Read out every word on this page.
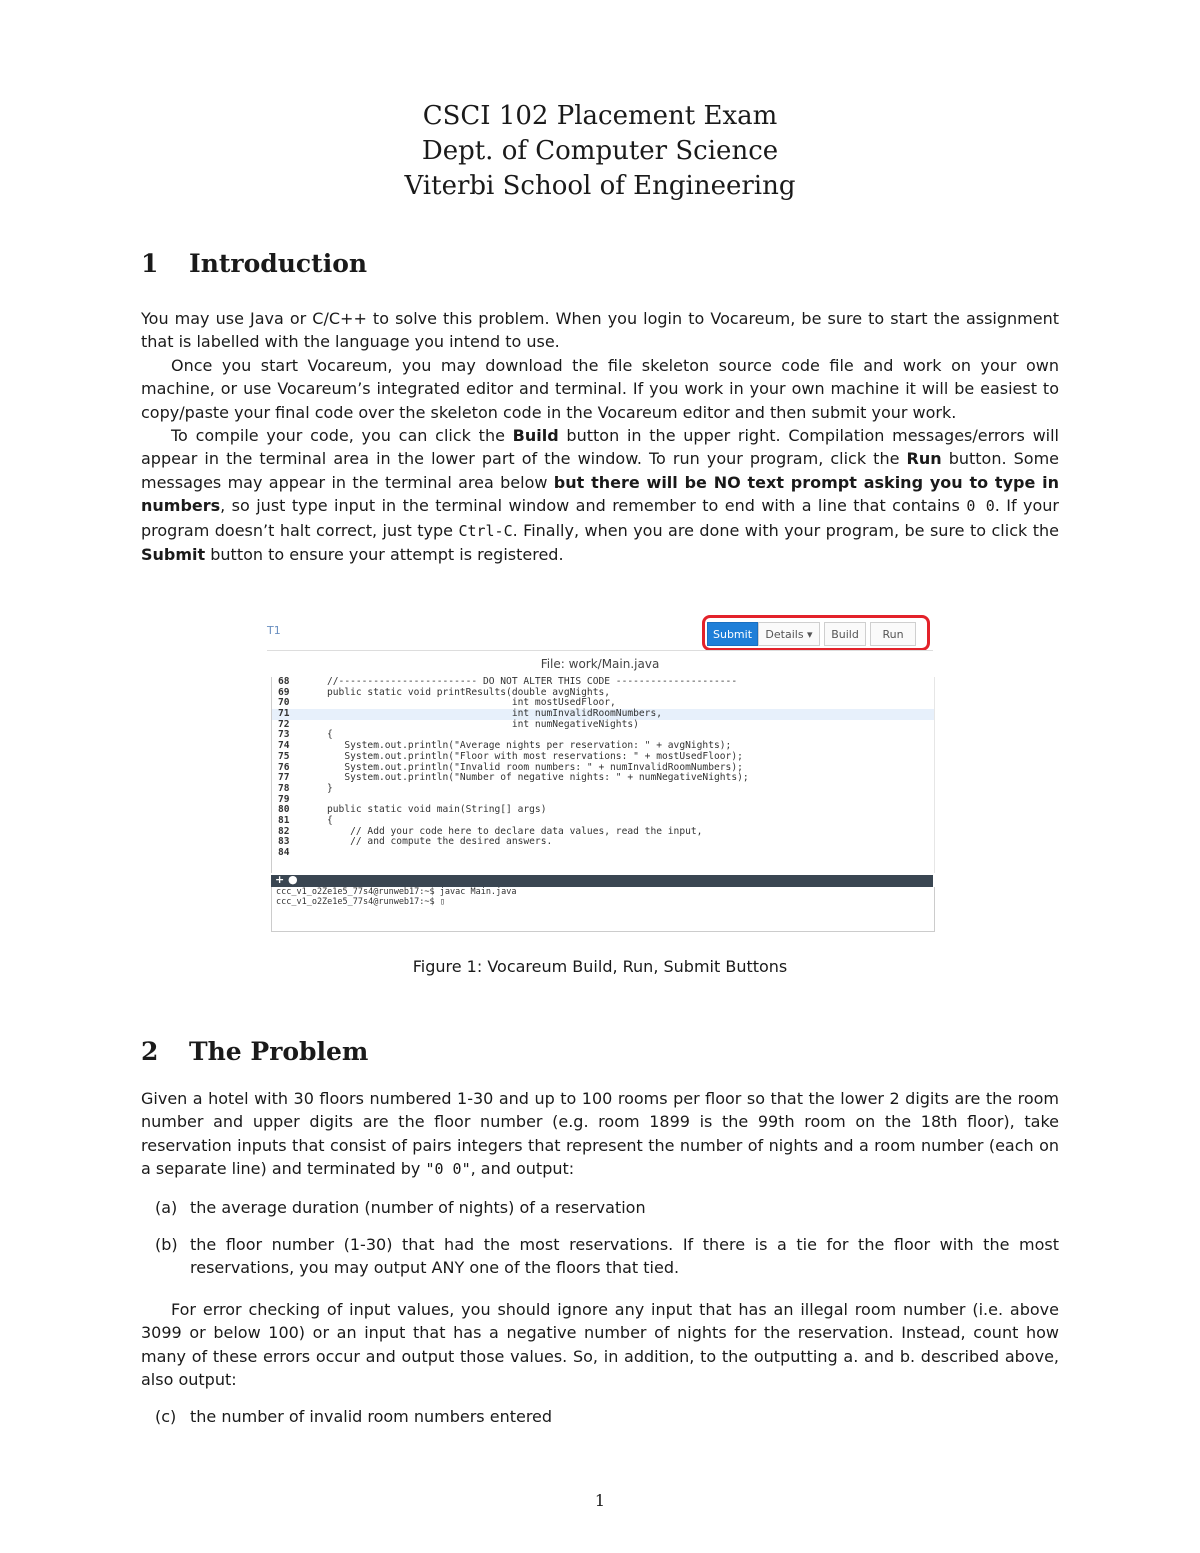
CSCI 102 Placement Exam
Dept. of Computer Science
Viterbi School of Engineering
1 Introduction

You may use Java or C/C++ to solve this problem. When you login to Vocareum, be sure to start the assignment that is labelled with the language you intend to use.

Once you start Vocareum, you may download the file skeleton source code file and work on your own machine, or use Vocareum’s integrated editor and terminal. If you work in your own machine it will be easiest to copy/paste your final code over the skeleton code in the Vocareum editor and then submit your work.

To compile your code, you can click the Build button in the upper right. Compilation messages/errors will appear in the terminal area in the lower part of the window. To run your program, click the Run button. Some messages may appear in the terminal area below but there will be NO text prompt asking you to type in numbers, so just type input in the terminal window and remember to end with a line that contains 0 0. If your program doesn’t halt correct, just type Ctrl-C. Finally, when you are done with your program, be sure to click the Submit button to ensure your attempt is registered.

T1	Submit	Details ▾	Build	Run
File: work/Main.java
68	//------------------------ DO NOT ALTER THIS CODE ---------------------
69	public static void printResults(double avgNights,
70	int mostUsedFloor,
71	int numInvalidRoomNumbers,
72	int numNegativeNights)
73	{
74	System.out.println("Average nights per reservation: " + avgNights);
75	System.out.println("Floor with most reservations: " + mostUsedFloor);
76	System.out.println("Invalid room numbers: " + numInvalidRoomNumbers);
77	System.out.println("Number of negative nights: " + numNegativeNights);
78	}
79
80	public static void main(String[] args)
81	{
82	// Add your code here to declare data values, read the input,
83	// and compute the desired answers.
84
+ ●
ccc_v1_o2Ze1e5_77s4@runweb17:~$ javac Main.java
ccc_v1_o2Ze1e5_77s4@runweb17:~$ ▯
Figure 1: Vocareum Build, Run, Submit Buttons
2 The Problem

Given a hotel with 30 floors numbered 1-30 and up to 100 rooms per floor so that the lower 2 digits are the room number and upper digits are the floor number (e.g. room 1899 is the 99th room on the 18th floor), take reservation inputs that consist of pairs integers that represent the number of nights and a room number (each on a separate line) and terminated by "0 0", and output:

(a) the average duration (number of nights) of a reservation

(b) the floor number (1-30) that had the most reservations. If there is a tie for the floor with the most reservations, you may output ANY one of the floors that tied.

For error checking of input values, you should ignore any input that has an illegal room number (i.e. above 3099 or below 100) or an input that has a negative number of nights for the reservation. Instead, count how many of these errors occur and output those values. So, in addition, to the outputting a. and b. described above, also output:

(c) the number of invalid room numbers entered

1
